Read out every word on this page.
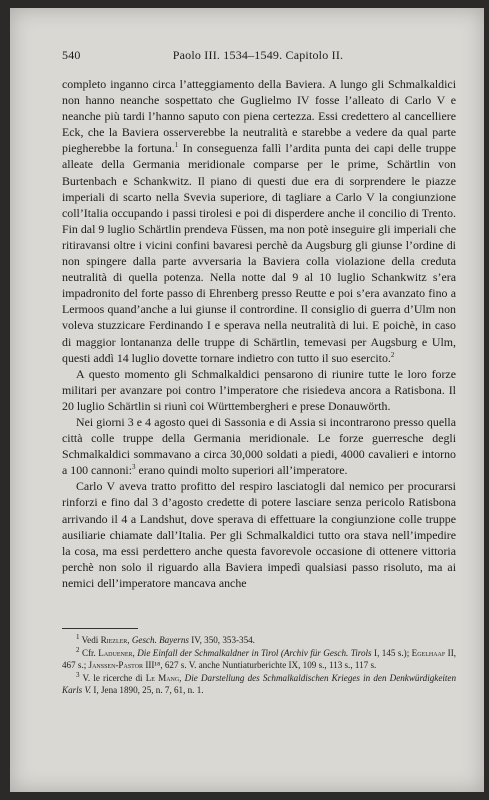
540	Paolo III. 1534–1549. Capitolo II.

completo inganno circa l’atteggiamento della Baviera. A lungo gli Schmalkaldici non hanno neanche sospettato che Guglielmo IV fosse l’alleato di Carlo V e neanche più tardi l’hanno saputo con piena certezza. Essi credettero al cancelliere Eck, che la Baviera osserverebbe la neutralità e starebbe a vedere da qual parte piegherebbe la fortuna.$^1$ In conseguenza fallì l’ardita punta dei capi delle truppe alleate della Germania meridionale comparse per le prime, Schärtlin von Burtenbach e Schankwitz. Il piano di questi due era di sorprendere le piazze imperiali di scarto nella Svevia superiore, di tagliare a Carlo V la congiunzione coll’Italia occupando i passi tirolesi e poi di disperdere anche il concilio di Trento. Fin dal 9 luglio Schärtlin prendeva Füssen, ma non potè inseguire gli imperiali che ritiravansi oltre i vicini confini bavaresi perchè da Augsburg gli giunse l’ordine di non spingere dalla parte avversaria la Baviera colla violazione della creduta neutralità di quella potenza. Nella notte dal 9 al 10 luglio Schankwitz s’era impadronito del forte passo di Ehrenberg presso Reutte e poi s’era avanzato fino a Lermoos quand’anche a lui giunse il contrordine. Il consiglio di guerra d’Ulm non voleva stuzzicare Ferdinando I e sperava nella neutralità di lui. E poichè, in caso di maggior lontananza delle truppe di Schärtlin, temevasi per Augsburg e Ulm, questi addì 14 luglio dovette tornare indietro con tutto il suo esercito.$^2$

A questo momento gli Schmalkaldici pensarono di riunire tutte le loro forze militari per avanzare poi contro l’imperatore che risiedeva ancora a Ratisbona. Il 20 luglio Schärtlin si riunì coi Württembergheri e prese Donauwörth.

Nei giorni 3 e 4 agosto quei di Sassonia e di Assia si incontrarono presso quella città colle truppe della Germania meridionale. Le forze guerresche degli Schmalkaldici sommavano a circa 30,000 soldati a piedi, 4000 cavalieri e intorno a 100 cannoni:$^3$ erano quindi molto superiori all’imperatore.

Carlo V aveva tratto profitto del respiro lasciatogli dal nemico per procurarsi rinforzi e fino dal 3 d’agosto credette di potere lasciare senza pericolo Ratisbona arrivando il 4 a Landshut, dove sperava di effettuare la congiunzione colle truppe ausiliarie chiamate dall’Italia. Per gli Schmalkaldici tutto ora stava nell’impedire la cosa, ma essi perdettero anche questa favorevole occasione di ottenere vittoria perchè non solo il riguardo alla Baviera impedì qualsiasi passo risoluto, ma ai nemici dell’imperatore mancava anche

$^1$ Vedi Riezler, Gesch. Bayerns IV, 350, 353-354.

$^2$ Cfr. Laduener, Die Einfall der Schmalkaldner in Tirol (Archiv für Gesch. Tirols I, 145 s.); Egelhaaf II, 467 s.; Janssen-Pastor III¹⁸, 627 s. V. anche Nuntiaturberichte IX, 109 s., 113 s., 117 s.

$^3$ V. le ricerche di Le Mang, Die Darstellung des Schmalkaldischen Krieges in den Denkwürdigkeiten Karls V. I, Jena 1890, 25, n. 7, 61, n. 1.
